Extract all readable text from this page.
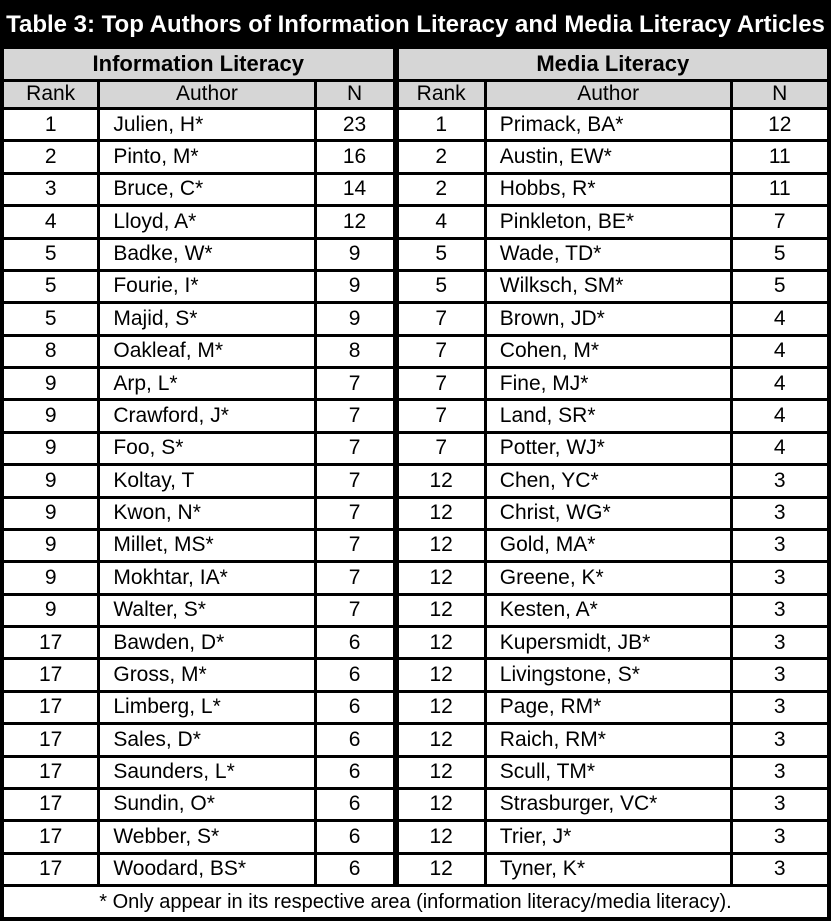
Table 3: Top Authors of Information Literacy and Media Literacy Articles					
Information Literacy			Media Literacy		
Rank	Author	N	Rank	Author	N
1	Julien, H*	23	1	Primack, BA*	12
2	Pinto, M*	16	2	Austin, EW*	11
3	Bruce, C*	14	2	Hobbs, R*	11
4	Lloyd, A*	12	4	Pinkleton, BE*	7
5	Badke, W*	9	5	Wade, TD*	5
5	Fourie, I*	9	5	Wilksch, SM*	5
5	Majid, S*	9	7	Brown, JD*	4
8	Oakleaf, M*	8	7	Cohen, M*	4
9	Arp, L*	7	7	Fine, MJ*	4
9	Crawford, J*	7	7	Land, SR*	4
9	Foo, S*	7	7	Potter, WJ*	4
9	Koltay, T	7	12	Chen, YC*	3
9	Kwon, N*	7	12	Christ, WG*	3
9	Millet, MS*	7	12	Gold, MA*	3
9	Mokhtar, IA*	7	12	Greene, K*	3
9	Walter, S*	7	12	Kesten, A*	3
17	Bawden, D*	6	12	Kupersmidt, JB*	3
17	Gross, M*	6	12	Livingstone, S*	3
17	Limberg, L*	6	12	Page, RM*	3
17	Sales, D*	6	12	Raich, RM*	3
17	Saunders, L*	6	12	Scull, TM*	3
17	Sundin, O*	6	12	Strasburger, VC*	3
17	Webber, S*	6	12	Trier, J*	3
17	Woodard, BS*	6	12	Tyner, K*	3
* Only appear in its respective area (information literacy/media literacy).					
